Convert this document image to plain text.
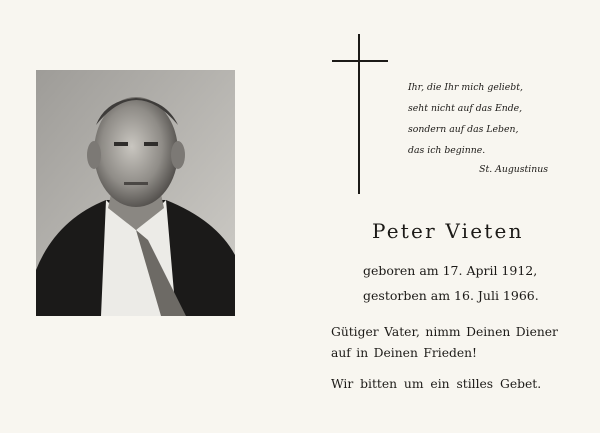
Ihr, die Ihr mich geliebt,
seht nicht auf das Ende,
sondern auf das Leben,
das ich beginne.
St. Augustinus
Peter Vieten
geboren am 17. April 1912,
gestorben am 16. Juli 1966.
Gütiger Vater, nimm Deinen Diener
auf in Deinen Frieden!
Wir bitten um ein stilles Gebet.
